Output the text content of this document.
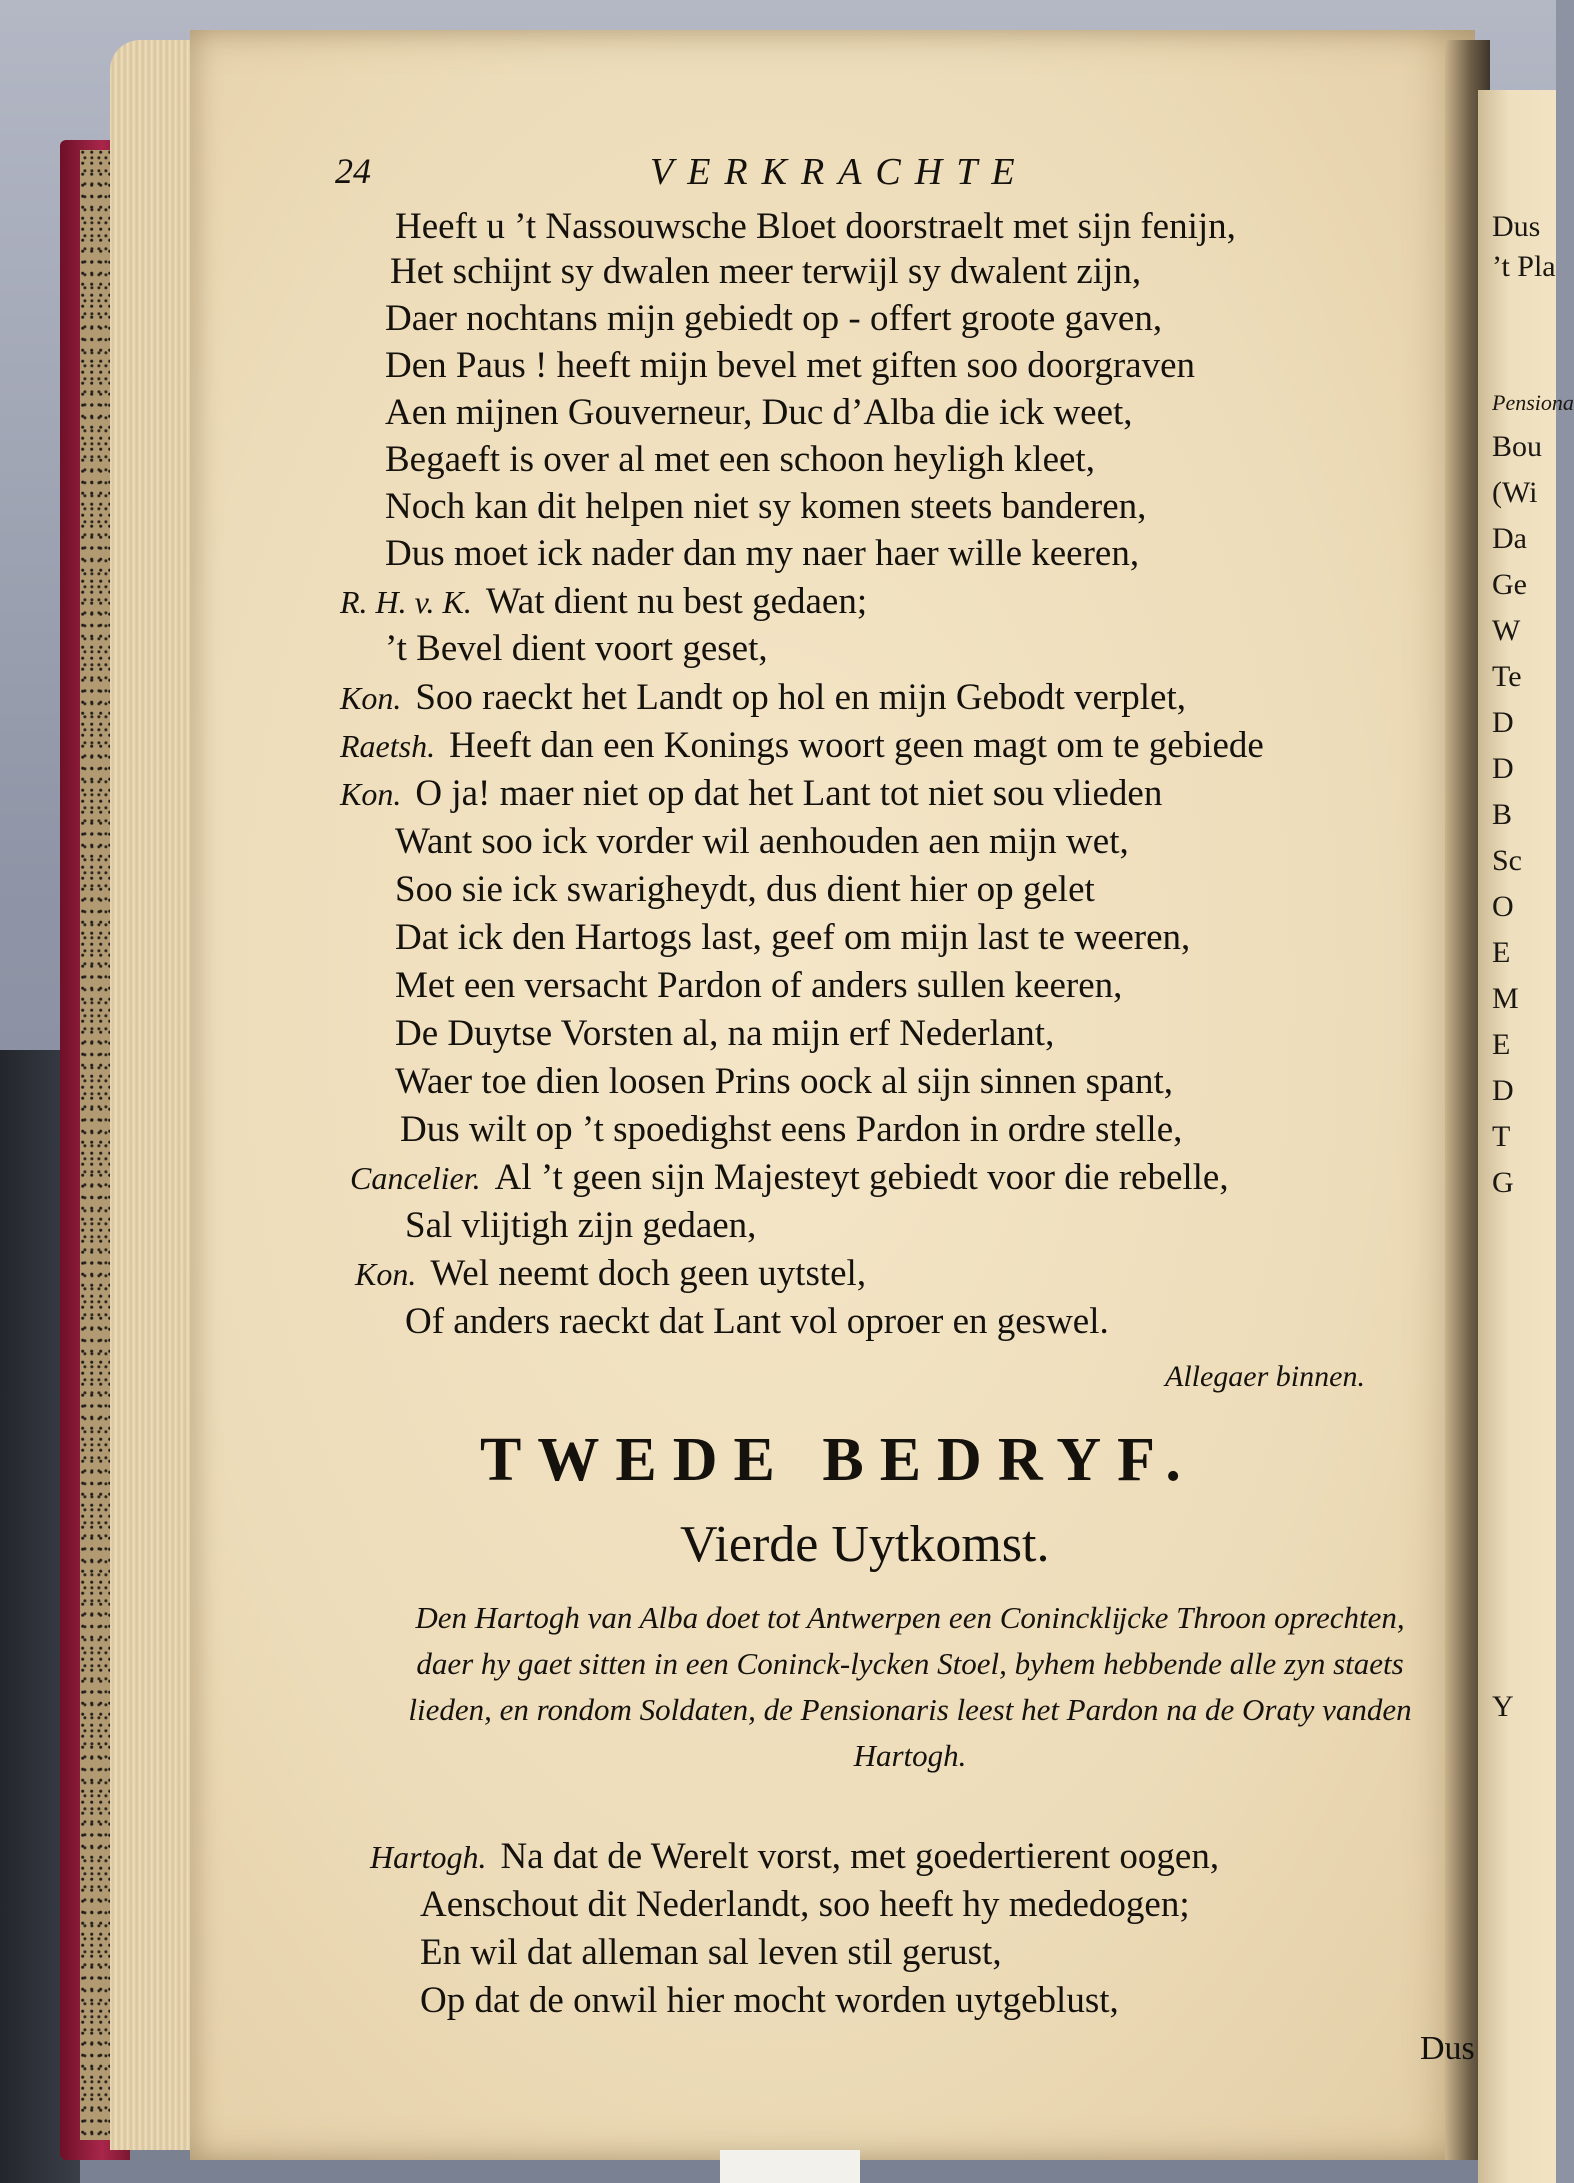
Dus
’t Pla
Pensiona
Bou
(Wi
Da
Ge
W
Te
D
D
B
Sc
O
E
M
E
D
T
G
Y
24	VERKRACHTE
Heeft u ’t Nassouwsche Bloet doorstraelt met sijn fenijn,
Het schijnt sy dwalen meer terwijl sy dwalent zijn,
Daer nochtans mijn gebiedt op - offert groote gaven,
Den Paus ! heeft mijn bevel met giften soo doorgraven
Aen mijnen Gouverneur, Duc d’Alba die ick weet,
Begaeft is over al met een schoon heyligh kleet,
Noch kan dit helpen niet sy komen steets banderen,
Dus moet ick nader dan my naer haer wille keeren,
R. H. v. K. Wat dient nu best gedaen;
’t Bevel dient voort geset,
Kon. Soo raeckt het Landt op hol en mijn Gebodt verplet,
Raetsh. Heeft dan een Konings woort geen magt om te gebiede
Kon. O ja! maer niet op dat het Lant tot niet sou vlieden
Want soo ick vorder wil aenhouden aen mijn wet,
Soo sie ick swarigheydt, dus dient hier op gelet
Dat ick den Hartogs last, geef om mijn last te weeren,
Met een versacht Pardon of anders sullen keeren,
De Duytse Vorsten al, na mijn erf Nederlant,
Waer toe dien loosen Prins oock al sijn sinnen spant,
Dus wilt op ’t spoedighst eens Pardon in ordre stelle,
Cancelier. Al ’t geen sijn Majesteyt gebiedt voor die rebelle,
Sal vlijtigh zijn gedaen,
Kon. Wel neemt doch geen uytstel,
Of anders raeckt dat Lant vol oproer en geswel.
Allegaer binnen.
TWEDE BEDRYF.
Vierde Uytkomst.
Den Hartogh van Alba doet tot Antwerpen een Conincklĳcke Throon oprechten, daer hy gaet sitten in een Coninck-lycken Stoel, byhem hebbende alle zyn staets lieden, en rondom Soldaten, de Pensionaris leest het Pardon na de Oraty vanden Hartogh.
Hartogh. Na dat de Werelt vorst, met goedertierent oogen,
Aenschout dit Nederlandt, soo heeft hy mededogen;
En wil dat alleman sal leven stil gerust,
Op dat de onwil hier mocht worden uytgeblust,
Dus
